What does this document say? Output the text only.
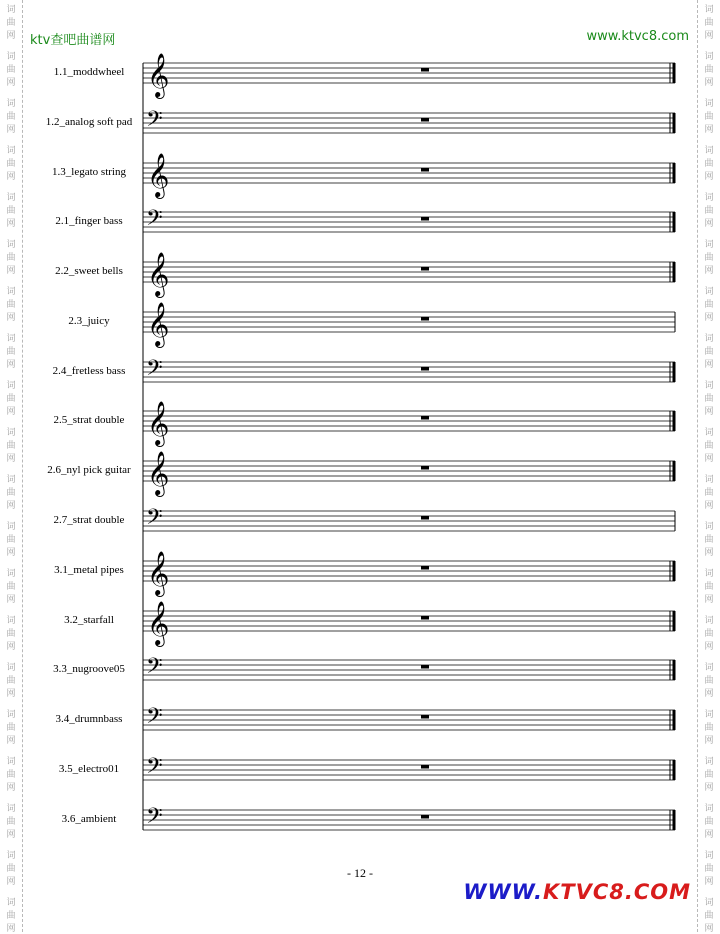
词
曲
网
词
曲
网
词
曲
网
词
曲
网
词
曲
网
词
曲
网
词
曲
网
词
曲
网
词
曲
网
词
曲
网
词
曲
网
词
曲
网
词
曲
网
词
曲
网
词
曲
网
词
曲
网
词
曲
网
词
曲
网
词
曲
网
词
曲
网
词
曲
网
词
曲
网
词
曲
网
词
曲
网
词
曲
网
词
曲
网
词
曲
网
词
曲
网
词
曲
网
词
曲
网
词
曲
网
词
曲
网
词
曲
网
词
曲
网
词
曲
网
词
曲
网
词
曲
网
词
曲
网
词
曲
网
词
曲
网
ktv查吧曲谱网	www.ktvc8.com
𝄞
𝄢
𝄞
𝄢
𝄞
𝄞
𝄢
𝄞
𝄞
𝄢
𝄞
𝄞
𝄢
𝄢
𝄢
𝄢
1.1_moddwheel
1.2_analog soft pad
1.3_legato string
2.1_finger bass
2.2_sweet bells
2.3_juicy
2.4_fretless bass
2.5_strat double
2.6_nyl pick guitar
2.7_strat double
3.1_metal pipes
3.2_starfall
3.3_nugroove05
3.4_drumnbass
3.5_electro01
3.6_ambient
- 12 -
WWW.KTVC8.COM
